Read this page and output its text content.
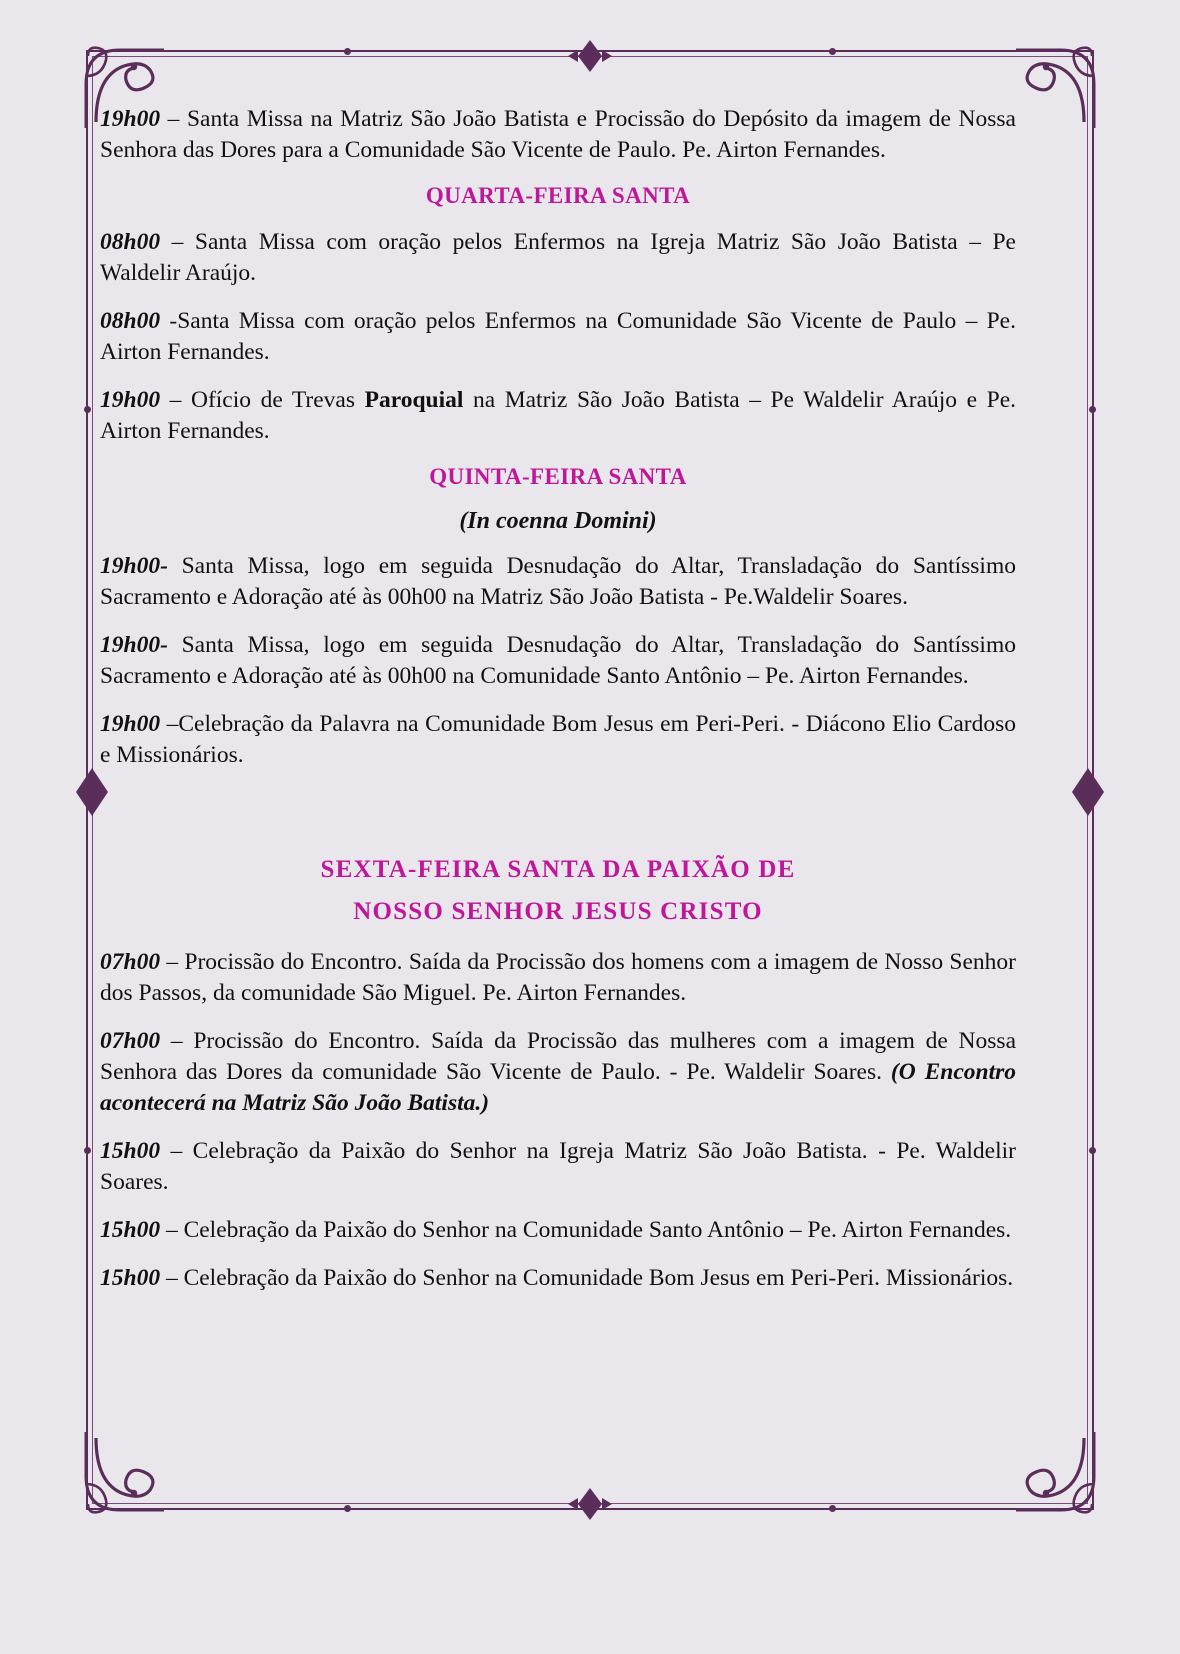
19h00 – Santa Missa na Matriz São João Batista e Procissão do Depósito da imagem de Nossa Senhora das Dores para a Comunidade São Vicente de Paulo. Pe. Airton Fernandes.

QUARTA-FEIRA SANTA

08h00 – Santa Missa com oração pelos Enfermos na Igreja Matriz São João Batista – Pe Waldelir Araújo.

08h00 -Santa Missa com oração pelos Enfermos na Comunidade São Vicente de Paulo – Pe. Airton Fernandes.

19h00 – Ofício de Trevas Paroquial na Matriz São João Batista – Pe Waldelir Araújo e Pe. Airton Fernandes.

QUINTA-FEIRA SANTA
(In coenna Domini)

19h00- Santa Missa, logo em seguida Desnudação do Altar, Transladação do Santíssimo Sacramento e Adoração até às 00h00 na Matriz São João Batista - Pe.Waldelir Soares.

19h00- Santa Missa, logo em seguida Desnudação do Altar, Transladação do Santíssimo Sacramento e Adoração até às 00h00 na Comunidade Santo Antônio – Pe. Airton Fernandes.

19h00 –Celebração da Palavra na Comunidade Bom Jesus em Peri-Peri. - Diácono Elio Cardoso e Missionários.

SEXTA-FEIRA SANTA DA PAIXÃO DE
NOSSO SENHOR JESUS CRISTO

07h00 – Procissão do Encontro. Saída da Procissão dos homens com a imagem de Nosso Senhor dos Passos, da comunidade São Miguel. Pe. Airton Fernandes.

07h00 – Procissão do Encontro. Saída da Procissão das mulheres com a imagem de Nossa Senhora das Dores da comunidade São Vicente de Paulo. - Pe. Waldelir Soares. (O Encontro acontecerá na Matriz São João Batista.)

15h00 – Celebração da Paixão do Senhor na Igreja Matriz São João Batista. - Pe. Waldelir Soares.

15h00 – Celebração da Paixão do Senhor na Comunidade Santo Antônio – Pe. Airton Fernandes.

15h00 – Celebração da Paixão do Senhor na Comunidade Bom Jesus em Peri-Peri. Missionários.
